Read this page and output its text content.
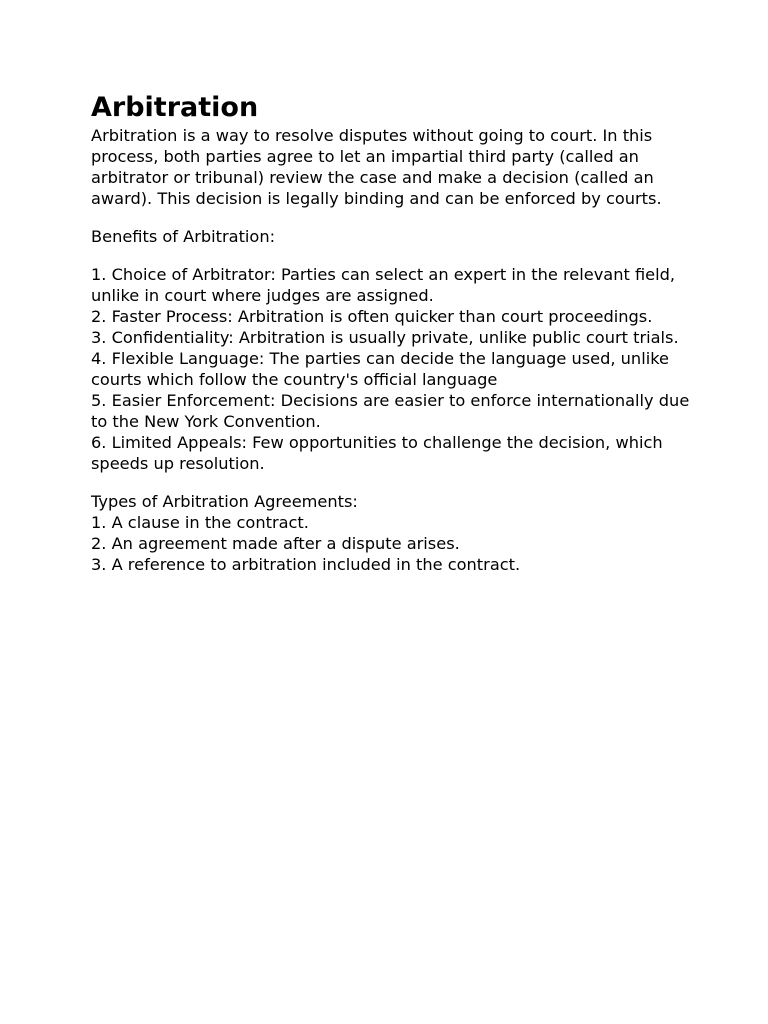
Arbitration

Arbitration is a way to resolve disputes without going to court. In this process, both parties agree to let an impartial third party (called an arbitrator or tribunal) review the case and make a decision (called an award). This decision is legally binding and can be enforced by courts.

Benefits of Arbitration:

1. Choice of Arbitrator: Parties can select an expert in the relevant field, unlike in court where judges are assigned.
2. Faster Process: Arbitration is often quicker than court proceedings.
3. Confidentiality: Arbitration is usually private, unlike public court trials.
4. Flexible Language: The parties can decide the language used, unlike courts which follow the country's official language
5. Easier Enforcement: Decisions are easier to enforce internationally due to the New York Convention.
6. Limited Appeals: Few opportunities to challenge the decision, which speeds up resolution.

Types of Arbitration Agreements:

1. A clause in the contract.
2. An agreement made after a dispute arises.
3. A reference to arbitration included in the contract.
